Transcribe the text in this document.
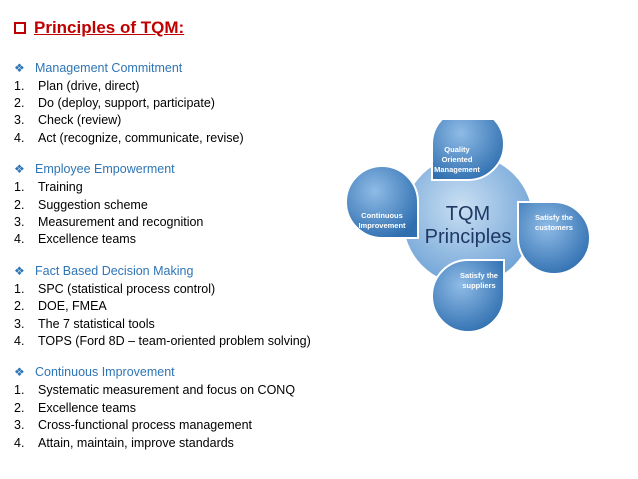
Principles of TQM:
❖ Management Commitment
1.	Plan (drive, direct)
2.	Do (deploy, support, participate)
3.	Check (review)
4.	Act (recognize, communicate, revise)
❖ Employee Empowerment
1.	Training
2.	Suggestion scheme
3.	Measurement and recognition
4.	Excellence teams
❖ Fact Based Decision Making
1.	SPC (statistical process control)
2.	DOE, FMEA
3.	The 7 statistical tools
4.	TOPS (Ford 8D – team-oriented problem solving)
❖ Continuous Improvement
1.	Systematic measurement and focus on CONQ
2.	Excellence teams
3.	Cross-functional process management
4.	Attain, maintain, improve standards
TQM
Principles
Quality
Oriented
Management
Satisfy the
customers
Satisfy the
suppliers
Continuous
Improvement
